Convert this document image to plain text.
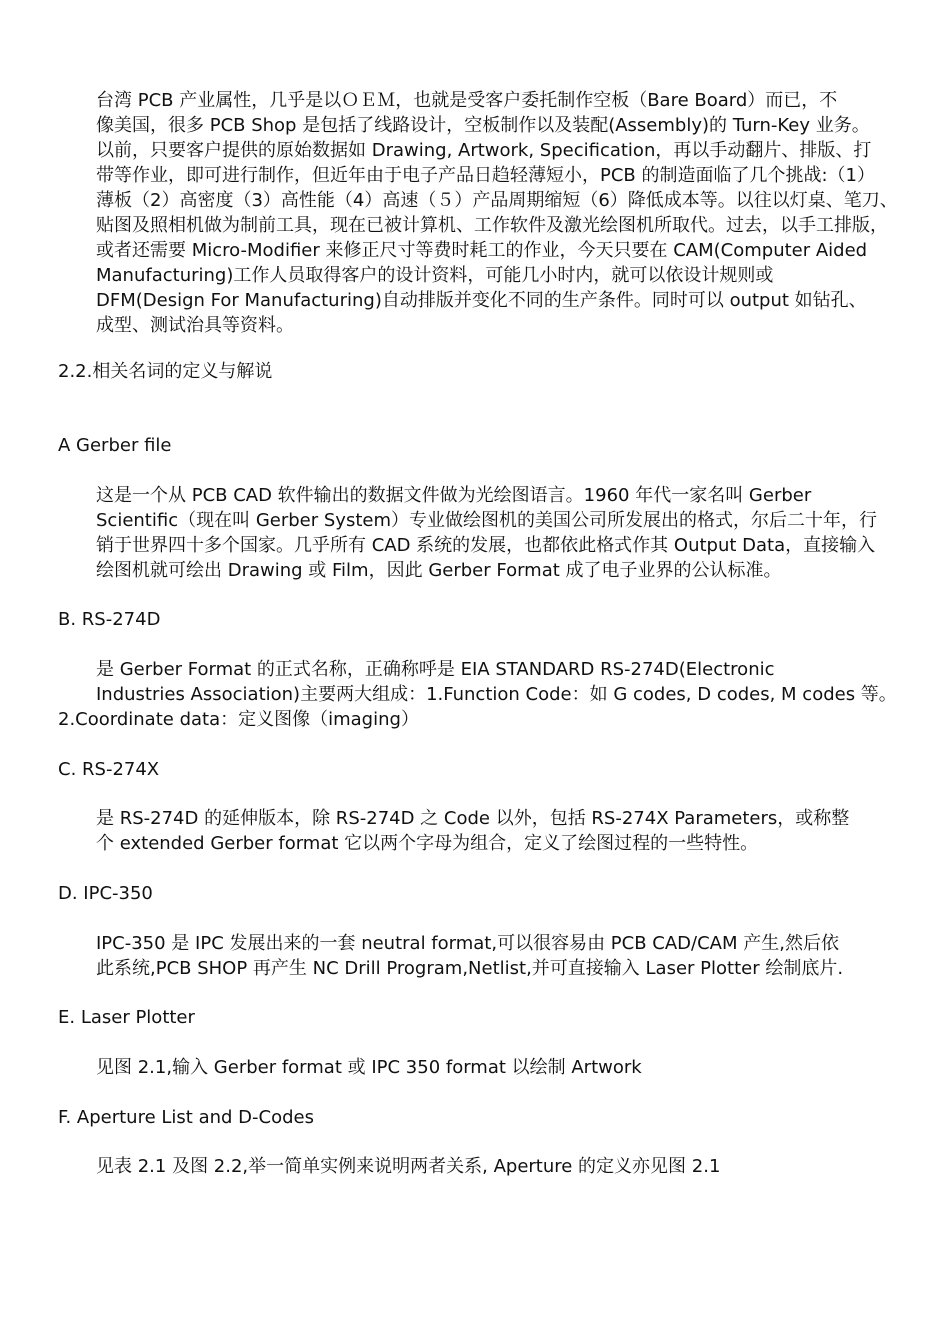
台湾 PCB 产业属性，几乎是以ＯＥＭ，也就是受客户委托制作空板（Bare Board）而已，不
像美国，很多 PCB Shop 是包括了线路设计，空板制作以及装配(Assembly)的 Turn-Key 业务。
以前，只要客户提供的原始数据如 Drawing, Artwork, Specification，再以手动翻片、排版、打
带等作业，即可进行制作，但近年由于电子产品日趋轻薄短小，PCB 的制造面临了几个挑战:（1）
薄板（2）高密度（3）高性能（4）高速（５）产品周期缩短（6）降低成本等。以往以灯桌、笔刀、
贴图及照相机做为制前工具，现在已被计算机、工作软件及激光绘图机所取代。过去，以手工排版，
或者还需要 Micro-Modifier 来修正尺寸等费时耗工的作业，今天只要在 CAM(Computer Aided
Manufacturing)工作人员取得客户的设计资料，可能几小时内，就可以依设计规则或
DFM(Design For Manufacturing)自动排版并变化不同的生产条件。同时可以 output 如钻孔、
成型、测试治具等资料。

2.2.相关名词的定义与解说

A Gerber file

这是一个从 PCB CAD 软件输出的数据文件做为光绘图语言。1960 年代一家名叫 Gerber
Scientific（现在叫 Gerber System）专业做绘图机的美国公司所发展出的格式，尔后二十年，行
销于世界四十多个国家。几乎所有 CAD 系统的发展，也都依此格式作其 Output Data，直接输入
绘图机就可绘出 Drawing 或 Film，因此 Gerber Format 成了电子业界的公认标准。

B. RS-274D

是 Gerber Format 的正式名称，正确称呼是 EIA STANDARD RS-274D(Electronic
Industries Association)主要两大组成：1.Function Code：如 G codes, D codes, M codes 等。
2.Coordinate data：定义图像（imaging）

C. RS-274X

是 RS-274D 的延伸版本，除 RS-274D 之 Code 以外，包括 RS-274X Parameters，或称整
个 extended Gerber format 它以两个字母为组合，定义了绘图过程的一些特性。

D. IPC-350

IPC-350 是 IPC 发展出来的一套 neutral format,可以很容易由 PCB CAD/CAM 产生,然后依
此系统,PCB SHOP 再产生 NC Drill Program,Netlist,并可直接输入 Laser Plotter 绘制底片.

E. Laser Plotter

见图 2.1,输入 Gerber format 或 IPC 350 format 以绘制 Artwork

F. Aperture List and D-Codes

见表 2.1 及图 2.2,举一简单实例来说明两者关系, Aperture 的定义亦见图 2.1
